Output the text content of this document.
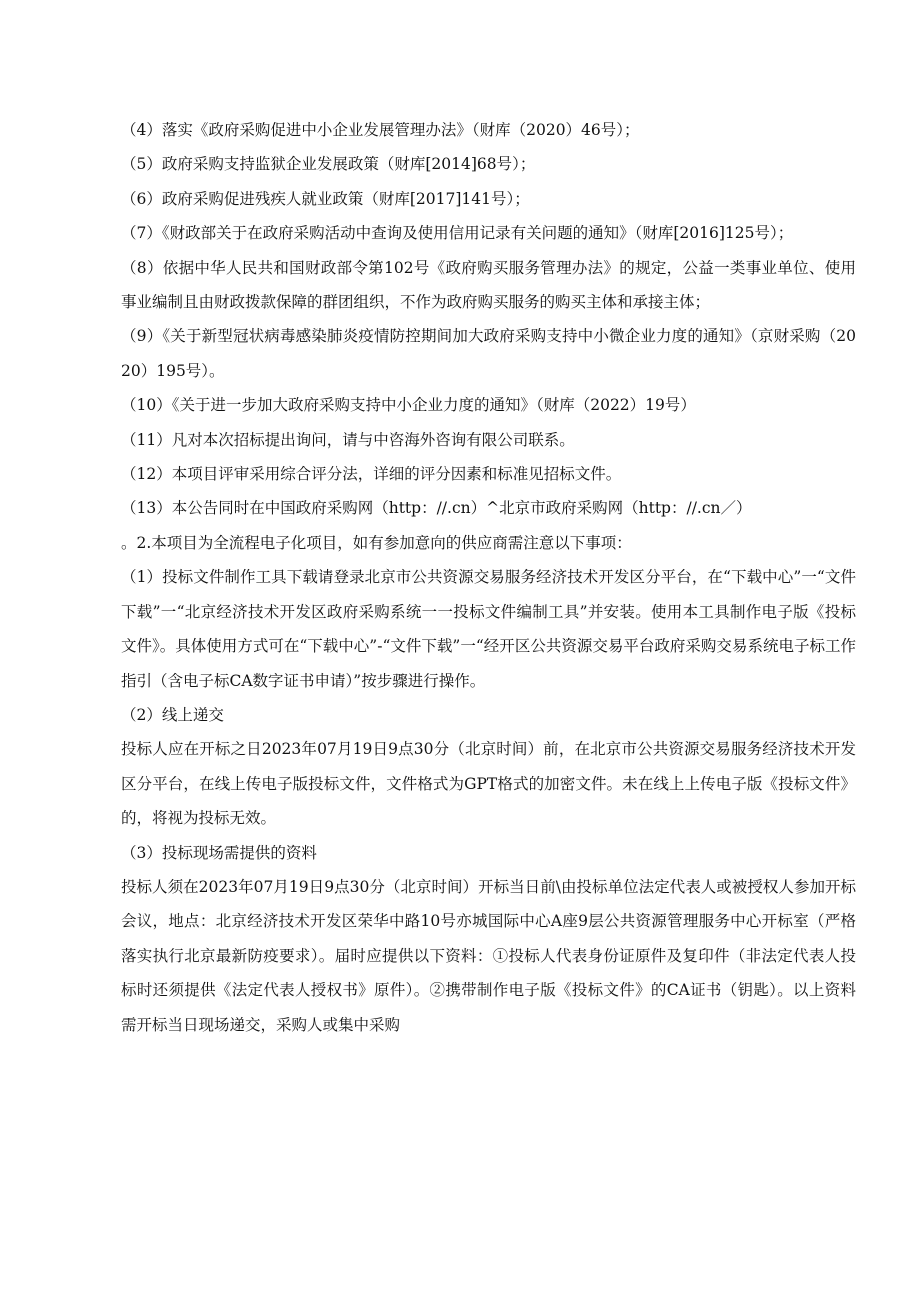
（4）落实《政府采购促进中小企业发展管理办法》（财库（2020）46号）；

（5）政府采购支持监狱企业发展政策（财库[2014]68号）；

（6）政府采购促进残疾人就业政策（财库[2017]141号）；

（7）《财政部关于在政府采购活动中查询及使用信用记录有关问题的通知》（财库[2016]125号）；

（8）依据中华人民共和国财政部令第102号《政府购买服务管理办法》的规定，公益一类事业单位、使用事业编制且由财政拨款保障的群团组织，不作为政府购买服务的购买主体和承接主体；

（9）《关于新型冠状病毒感染肺炎疫情防控期间加大政府采购支持中小微企业力度的通知》（京财采购（2020）195号）。

（10）《关于进一步加大政府采购支持中小企业力度的通知》（财库（2022）19号）

（11）凡对本次招标提出询问，请与中咨海外咨询有限公司联系。

（12）本项目评审采用综合评分法，详细的评分因素和标准见招标文件。

（13）本公告同时在中国政府采购网（http：//.cn）^北京市政府采购网（http：//.cn／）

。2.本项目为全流程电子化项目，如有参加意向的供应商需注意以下事项：

（1）投标文件制作工具下载请登录北京市公共资源交易服务经济技术开发区分平台，在“下载中心”一“文件下载”一“北京经济技术开发区政府采购系统一一投标文件编制工具”并安装。使用本工具制作电子版《投标文件》。具体使用方式可在“下载中心”-“文件下载”一“经开区公共资源交易平台政府采购交易系统电子标工作指引（含电子标CA数字证书申请）”按步骤进行操作。

（2）线上递交

投标人应在开标之日2023年07月19日9点30分（北京时间）前，在北京市公共资源交易服务经济技术开发区分平台，在线上传电子版投标文件，文件格式为GPT格式的加密文件。未在线上上传电子版《投标文件》的，将视为投标无效。

（3）投标现场需提供的资料

投标人须在2023年07月19日9点30分（北京时间）开标当日前\由投标单位法定代表人或被授权人参加开标会议，地点：北京经济技术开发区荣华中路10号亦城国际中心A座9层公共资源管理服务中心开标室（严格落实执行北京最新防疫要求）。届时应提供以下资料：①投标人代表身份证原件及复印件（非法定代表人投标时还须提供《法定代表人授权书》原件）。②携带制作电子版《投标文件》的CA证书（钥匙）。以上资料需开标当日现场递交，采购人或集中采购
